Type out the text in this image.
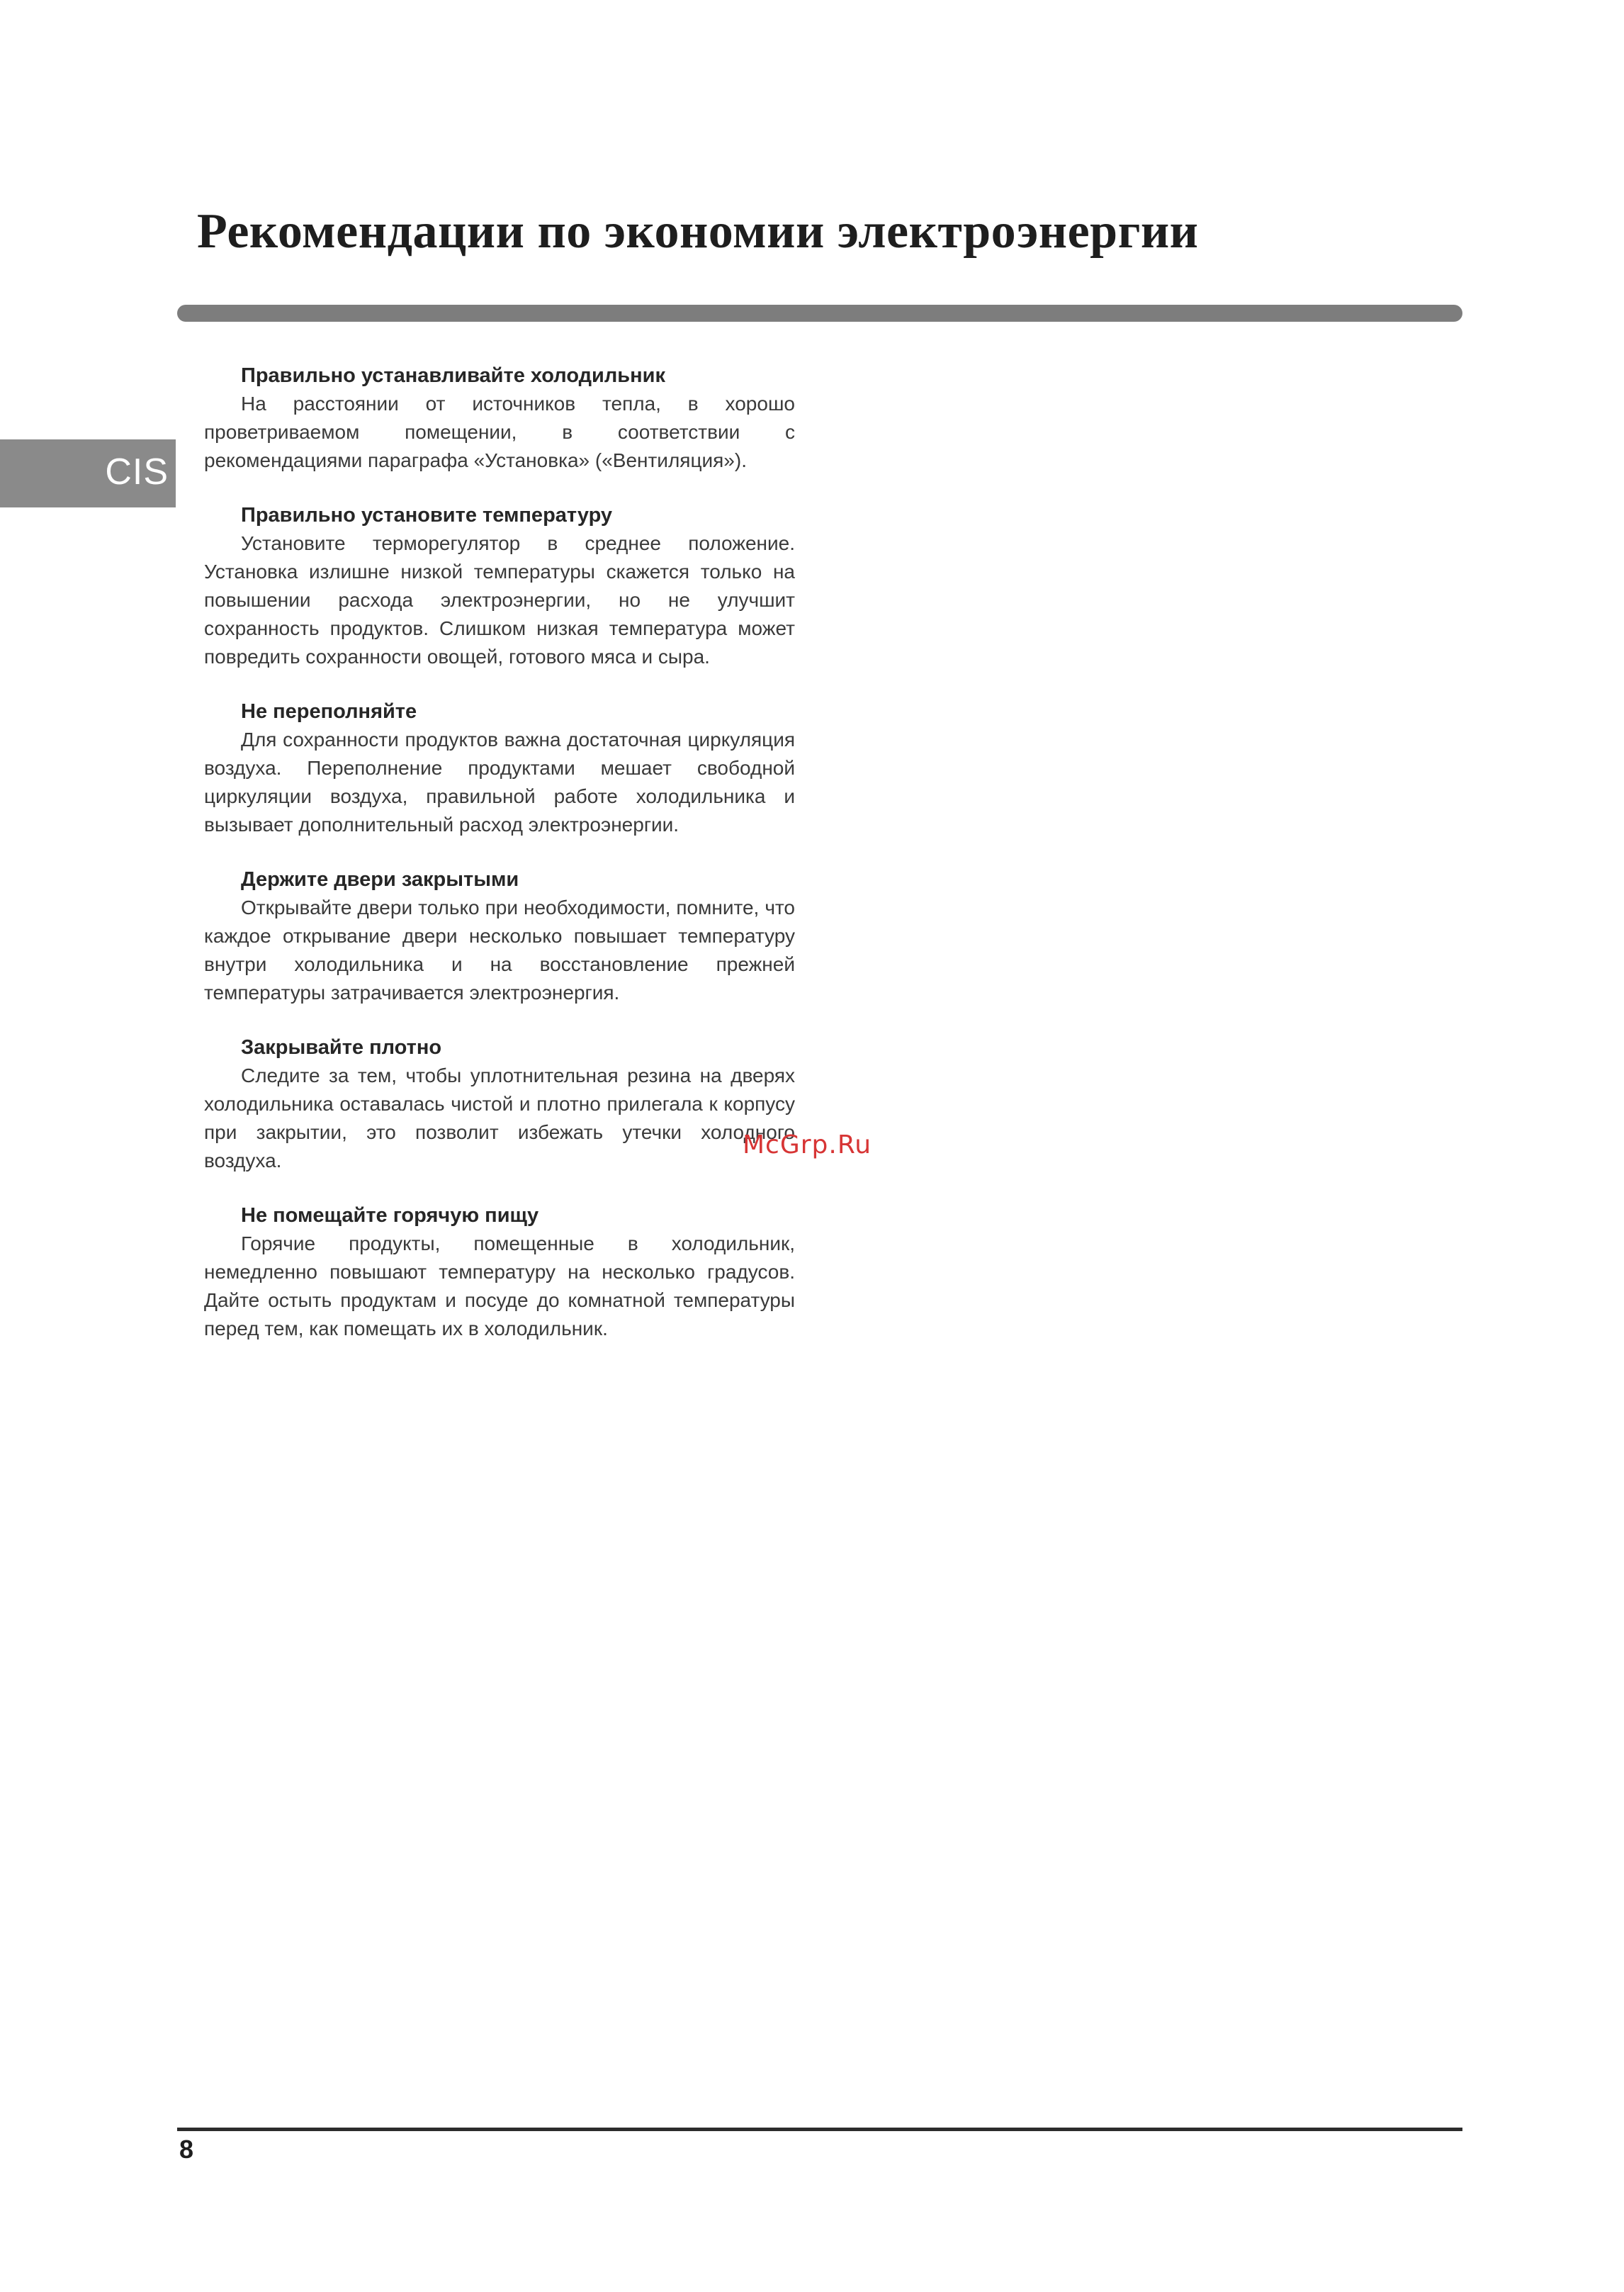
Рекомендации по экономии электроэнергии
CIS
Правильно устанавливайте холодильник

На расстоянии от источников тепла, в хорошо проветриваемом помещении, в соответствии с рекомендациями параграфа «Установка» («Вентиляция»).

Правильно установите температуру

Установите терморегулятор в среднее положение. Установка излишне низкой температуры скажется только на повышении расхода электроэнергии, но не улучшит сохранность продуктов. Слишком низкая температура может повредить сохранности овощей, готового мяса и сыра.

Не переполняйте

Для сохранности продуктов важна достаточная циркуляция воздуха. Переполнение продуктами мешает свободной циркуляции воздуха, правильной работе холодильника и вызывает дополнительный расход электроэнергии.

Держите двери закрытыми

Открывайте двери только при необходимости, помните, что каждое открывание двери несколько повышает температуру внутри холодильника и на восстановление прежней температуры затрачивается электроэнергия.

Закрывайте плотно

Следите за тем, чтобы уплотнительная резина на дверях холодильника оставалась чистой и плотно прилегала к корпусу при закрытии, это позволит избежать утечки холодного воздуха.

Не помещайте горячую пищу

Горячие продукты, помещенные в холодильник, немедленно повышают температуру на несколько градусов. Дайте остыть продуктам и посуде до комнатной температуры перед тем, как помещать их в холодильник.

McGrp.Ru
8
